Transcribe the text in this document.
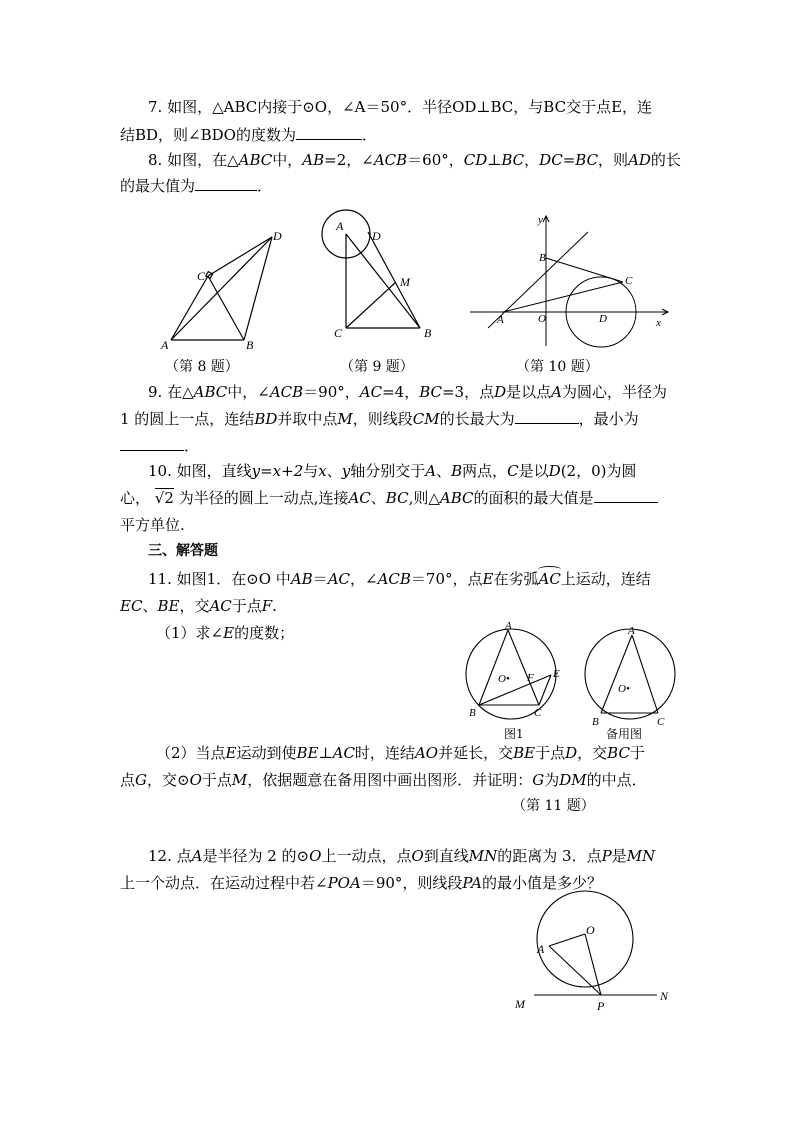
7. 如图，△ABC内接于⊙O，∠A＝50°．半径OD⊥BC，与BC交于点E，连
结BD，则∠BDO的度数为	．
8. 如图，在△ABC中，AB=2，∠ACB＝60°，CD⊥BC，DC=BC，则AD的长
的最大值为	．
A	B
C
D
（第 8 题）
A
B
C
D
M
（第 9 题）
x
y
A
B
C
D
O
（第 10 题）
9. 在△ABC中，∠ACB＝90°，AC=4，BC=3，点D是以点A为圆心，半径为
1 的圆上一点，连结BD并取中点M，则线段CM的长最大为	，最小为
．
10. 如图，直线y=x+2与x、y轴分别交于A、B两点，C是以D(2，0)为圆
心， √2 为半径的圆上一动点,连接AC、BC,则△ABC的面积的最大值是
平方单位.
三、解答题
11. 如图1．在⊙O 中AB＝AC，∠ACB＝70°，点E在劣弧
AC上运动，连结
EC、BE，交AC于点F.
（1）求∠E的度数；	A
B	C
E
F
O•
A
B	C
O•
图1	备用图
（2）当点E运动到使BE⊥AC时，连结AO并延长，交BE于点D，交BC于
点G，交⊙O于点M，依据题意在备用图中画出图形．并证明：G为DM的中点．
（第 11 题）
12. 点A是半径为 2 的⊙O上一动点，点O到直线MN的距离为 3．点P是MN
上一个动点．在运动过程中若∠POA＝90°，则线段PA的最小值是多少？
O
A
M	P
N
